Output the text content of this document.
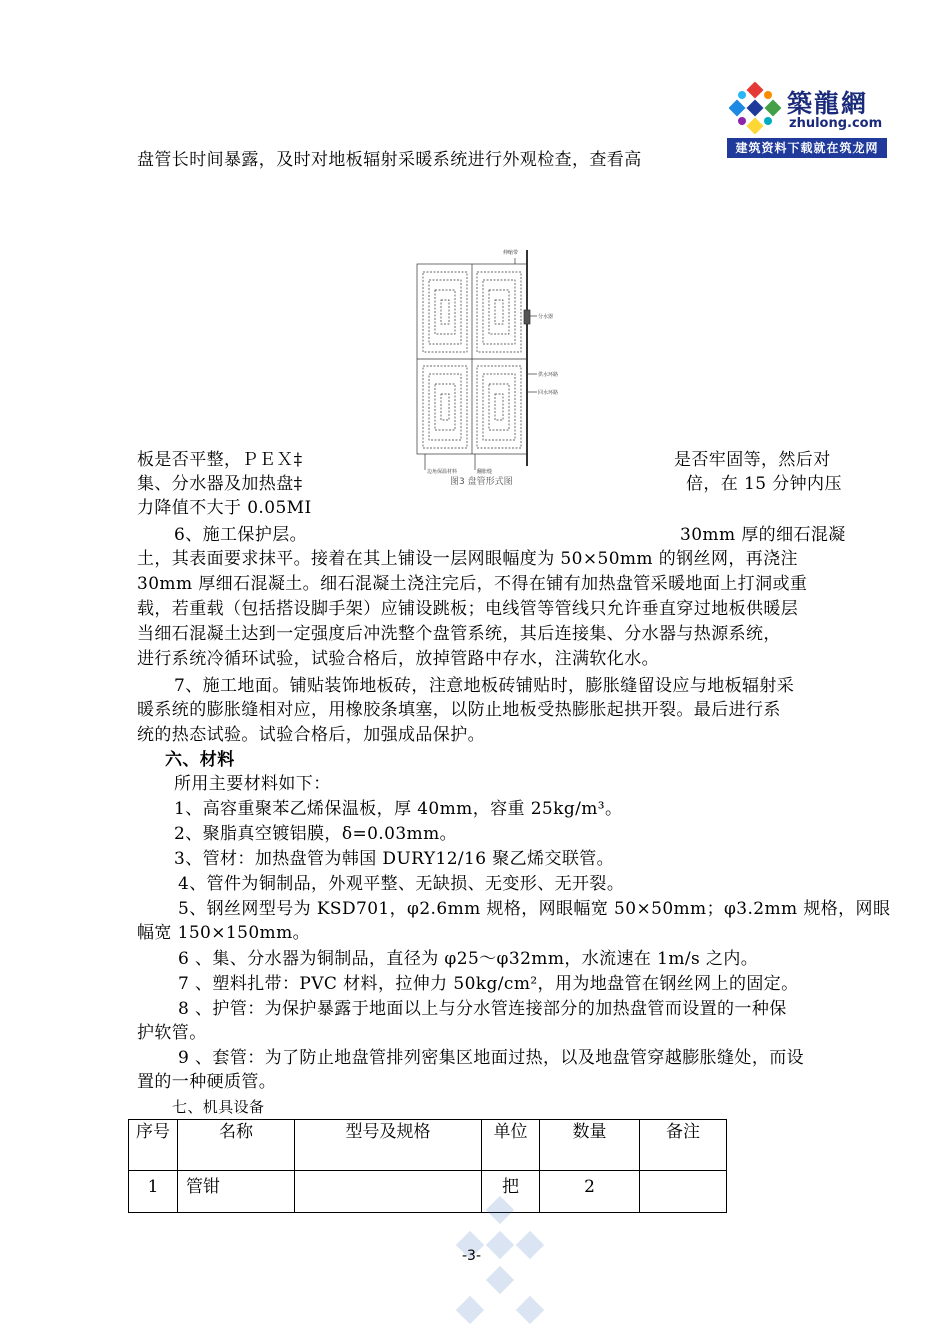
築龍網
zhulong.com
建筑资料下载就在筑龙网
盘管长时间暴露，及时对地板辐射采暖系统进行外观检查，查看高
伸缩带
分水器
供水环路
回水环路
边角保温材料	翻胀缝
图3 盘管形式图
板是否平整，ＰＥＸ‡	是否牢固等，然后对
集、分水器及加热盘‡	倍，在 15 分钟内压
力降值不大于 0.05MI
6、施工保护层。	30mm 厚的细石混凝
土，其表面要求抹平。接着在其上铺设一层网眼幅度为 50×50mm 的钢丝网，再浇注
30mm 厚细石混凝土。细石混凝土浇注完后，不得在铺有加热盘管采暖地面上打洞或重
载，若重载（包括搭设脚手架）应铺设跳板；电线管等管线只允许垂直穿过地板供暖层
当细石混凝土达到一定强度后冲洗整个盘管系统，其后连接集、分水器与热源系统，
进行系统冷循环试验，试验合格后，放掉管路中存水，注满软化水。
7、施工地面。铺贴装饰地板砖，注意地板砖铺贴时，膨胀缝留设应与地板辐射采
暖系统的膨胀缝相对应，用橡胶条填塞，以防止地板受热膨胀起拱开裂。最后进行系
统的热态试验。试验合格后，加强成品保护。
六、材料
所用主要材料如下：
1、高容重聚苯乙烯保温板，厚 40mm，容重 25kg/m³。
2、聚脂真空镀铝膜，δ=0.03mm。
3、管材：加热盘管为韩国 DURY12/16 聚乙烯交联管。
4、管件为铜制品，外观平整、无缺损、无变形、无开裂。
5、钢丝网型号为 KSD701，φ2.6mm 规格，网眼幅宽 50×50mm；φ3.2mm 规格，网眼
幅宽 150×150mm。
6 、集、分水器为铜制品，直径为 φ25～φ32mm，水流速在 1m/s 之内。
7 、塑料扎带：PVC 材料，拉伸力 50kg/cm²，用为地盘管在钢丝网上的固定。
8 、护管：为保护暴露于地面以上与分水管连接部分的加热盘管而设置的一种保
护软管。
9 、套管：为了防止地盘管排列密集区地面过热，以及地盘管穿越膨胀缝处，而设
置的一种硬质管。
七、机具设备
序号	名称	型号及规格	单位	数量	备注
1	管钳		把	2	
-3-
